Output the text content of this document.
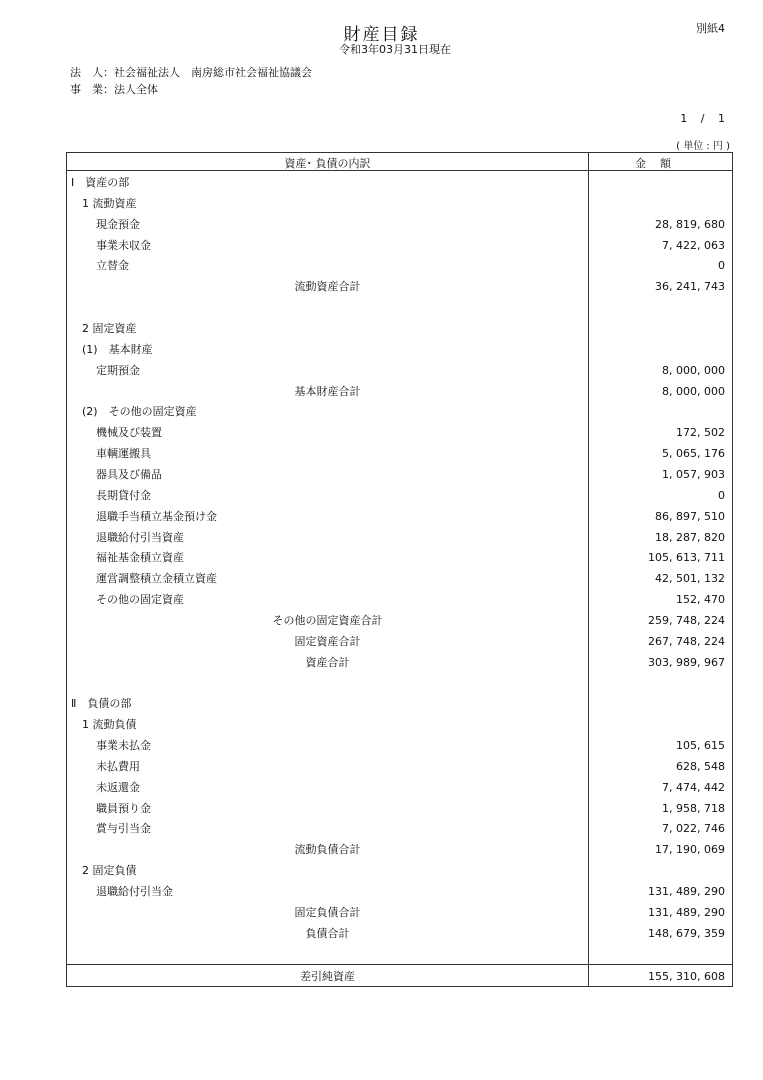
財産目録
令和3年03月31日現在
別紙4
法　人：社会福祉法人　南房総市社会福祉協議会
事　業：法人全体
1 / 1
( 単位 : 円 )
資産･ 負債の内訳	金額
Ⅰ　資産の部
1 流動資産
現金預金	28, 819, 680
事業未収金	7, 422, 063
立替金	0
流動資産合計	36, 241, 743
2 固定資産
(1)　基本財産
定期預金	8, 000, 000
基本財産合計	8, 000, 000
(2)　その他の固定資産
機械及び装置	172, 502
車輌運搬具	5, 065, 176
器具及び備品	1, 057, 903
長期貸付金	0
退職手当積立基金預け金	86, 897, 510
退職給付引当資産	18, 287, 820
福祉基金積立資産	105, 613, 711
運営調整積立金積立資産	42, 501, 132
その他の固定資産	152, 470
その他の固定資産合計	259, 748, 224
固定資産合計	267, 748, 224
資産合計	303, 989, 967
Ⅱ　負債の部
1 流動負債
事業未払金	105, 615
未払費用	628, 548
未返還金	7, 474, 442
職員預り金	1, 958, 718
賞与引当金	7, 022, 746
流動負債合計	17, 190, 069
2 固定負債
退職給付引当金	131, 489, 290
固定負債合計	131, 489, 290
負債合計	148, 679, 359
差引純資産	155, 310, 608
